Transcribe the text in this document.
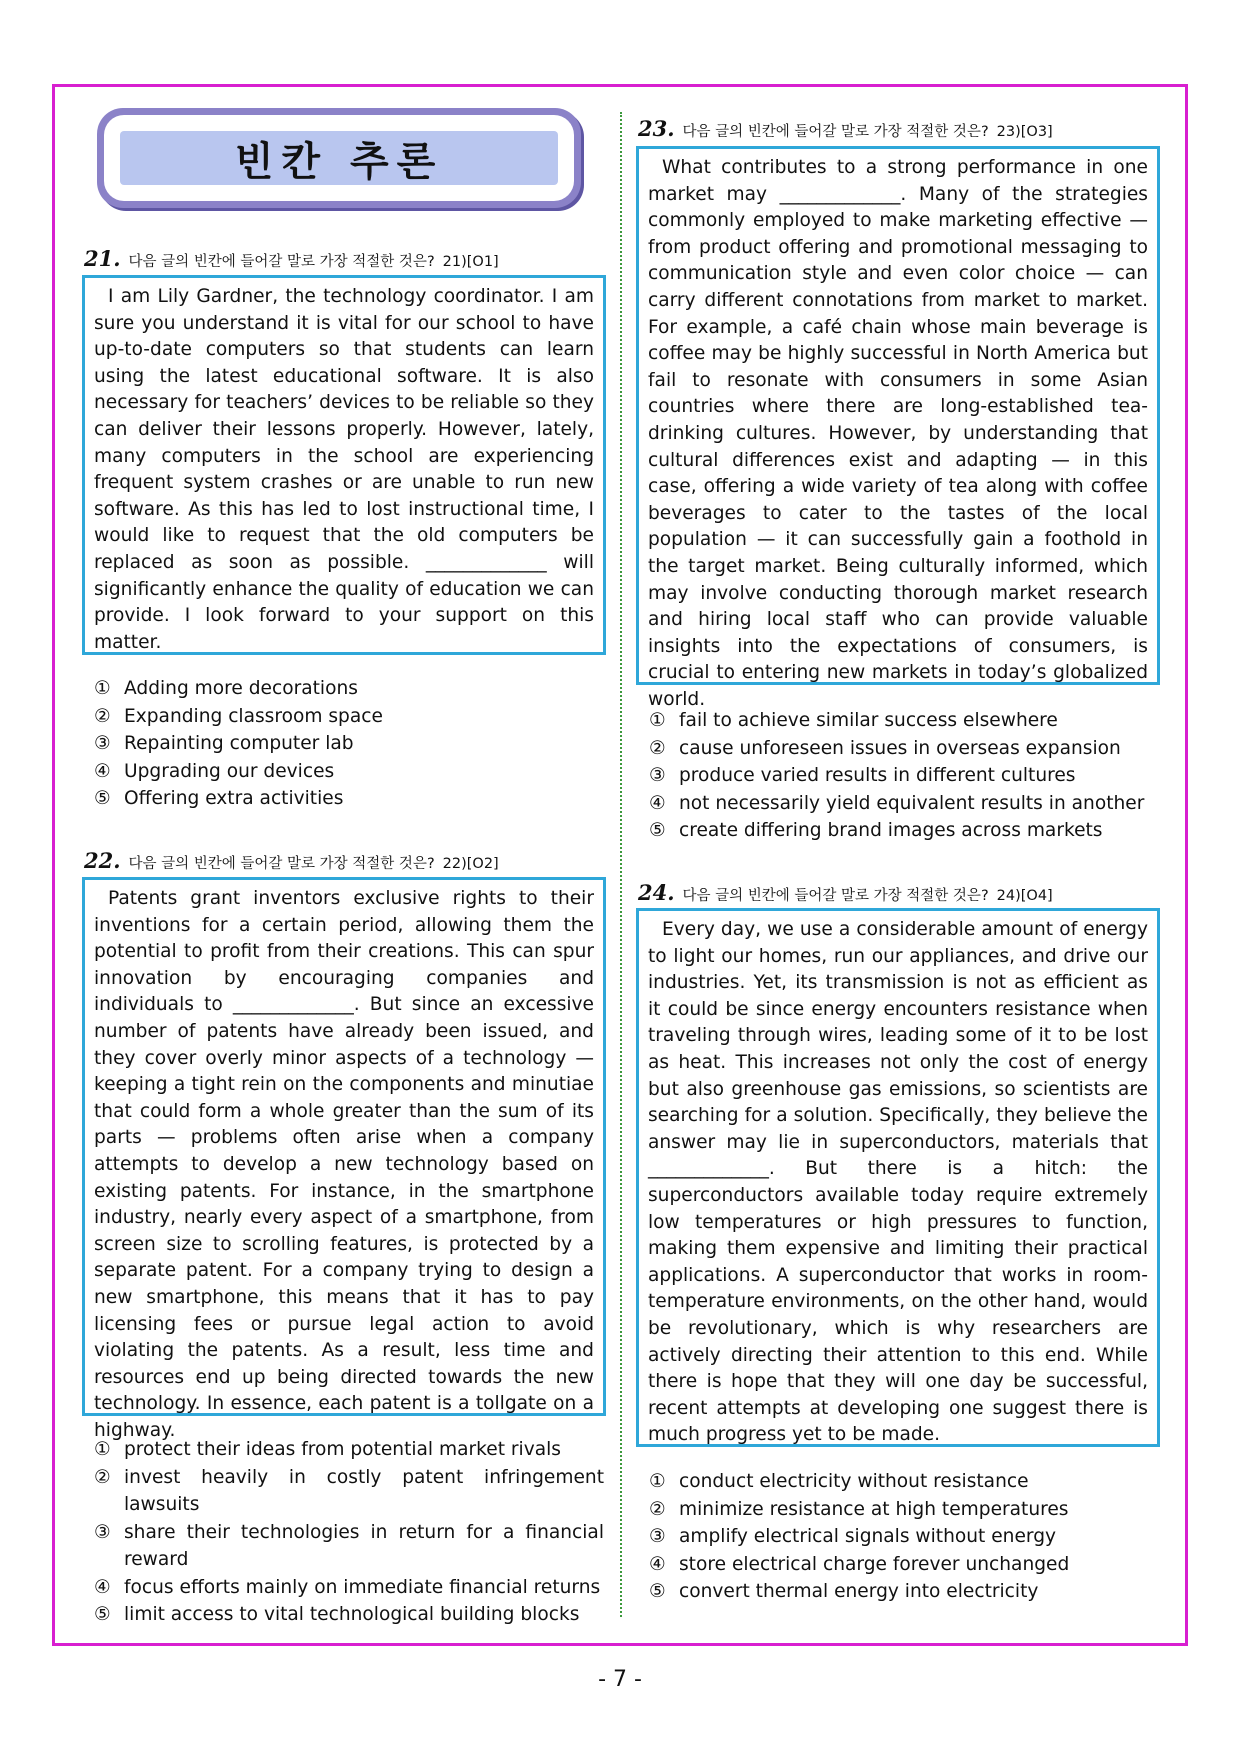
빈칸 추론
21. 다음 글의 빈칸에 들어갈 말로 가장 적절한 것은? 21)[O1]

I am Lily Gardner, the technology coordinator. I am sure you understand it is vital for our school to have up-to-date computers so that students can learn using the latest educational software. It is also necessary for teachers’ devices to be reliable so they can deliver their lessons properly. However, lately, many computers in the school are experiencing frequent system crashes or are unable to run new software. As this has led to lost instructional time, I would like to request that the old computers be replaced as soon as possible. _____________ will significantly enhance the quality of education we can provide. I look forward to your support on this matter.

① Adding more decorations
② Expanding classroom space
③ Repainting computer lab
④ Upgrading our devices
⑤ Offering extra activities
22. 다음 글의 빈칸에 들어갈 말로 가장 적절한 것은? 22)[O2]

Patents grant inventors exclusive rights to their inventions for a certain period, allowing them the potential to profit from their creations. This can spur innovation by encouraging companies and individuals to _____________. But since an excessive number of patents have already been issued, and they cover overly minor aspects of a technology — keeping a tight rein on the components and minutiae that could form a whole greater than the sum of its parts — problems often arise when a company attempts to develop a new technology based on existing patents. For instance, in the smartphone industry, nearly every aspect of a smartphone, from screen size to scrolling features, is protected by a separate patent. For a company trying to design a new smartphone, this means that it has to pay licensing fees or pursue legal action to avoid violating the patents. As a result, less time and resources end up being directed towards the new technology. In essence, each patent is a tollgate on a highway.

① protect their ideas from potential market rivals
② invest heavily in costly patent infringement lawsuits
③ share their technologies in return for a financial reward
④ focus efforts mainly on immediate financial returns
⑤ limit access to vital technological building blocks
23. 다음 글의 빈칸에 들어갈 말로 가장 적절한 것은? 23)[O3]

What contributes to a strong performance in one market may _____________. Many of the strategies commonly employed to make marketing effective — from product offering and promotional messaging to communication style and even color choice — can carry different connotations from market to market. For example, a café chain whose main beverage is coffee may be highly successful in North America but fail to resonate with consumers in some Asian countries where there are long-established tea-drinking cultures. However, by understanding that cultural differences exist and adapting — in this case, offering a wide variety of tea along with coffee beverages to cater to the tastes of the local population — it can successfully gain a foothold in the target market. Being culturally informed, which may involve conducting thorough market research and hiring local staff who can provide valuable insights into the expectations of consumers, is crucial to entering new markets in today’s globalized world.

① fail to achieve similar success elsewhere
② cause unforeseen issues in overseas expansion
③ produce varied results in different cultures
④ not necessarily yield equivalent results in another
⑤ create differing brand images across markets
24. 다음 글의 빈칸에 들어갈 말로 가장 적절한 것은? 24)[O4]

Every day, we use a considerable amount of energy to light our homes, run our appliances, and drive our industries. Yet, its transmission is not as efficient as it could be since energy encounters resistance when traveling through wires, leading some of it to be lost as heat. This increases not only the cost of energy but also greenhouse gas emissions, so scientists are searching for a solution. Specifically, they believe the answer may lie in superconductors, materials that _____________. But there is a hitch: the superconductors available today require extremely low temperatures or high pressures to function, making them expensive and limiting their practical applications. A superconductor that works in room-temperature environments, on the other hand, would be revolutionary, which is why researchers are actively directing their attention to this end. While there is hope that they will one day be successful, recent attempts at developing one suggest there is much progress yet to be made.

① conduct electricity without resistance
② minimize resistance at high temperatures
③ amplify electrical signals without energy
④ store electrical charge forever unchanged
⑤ convert thermal energy into electricity
- 7 -
